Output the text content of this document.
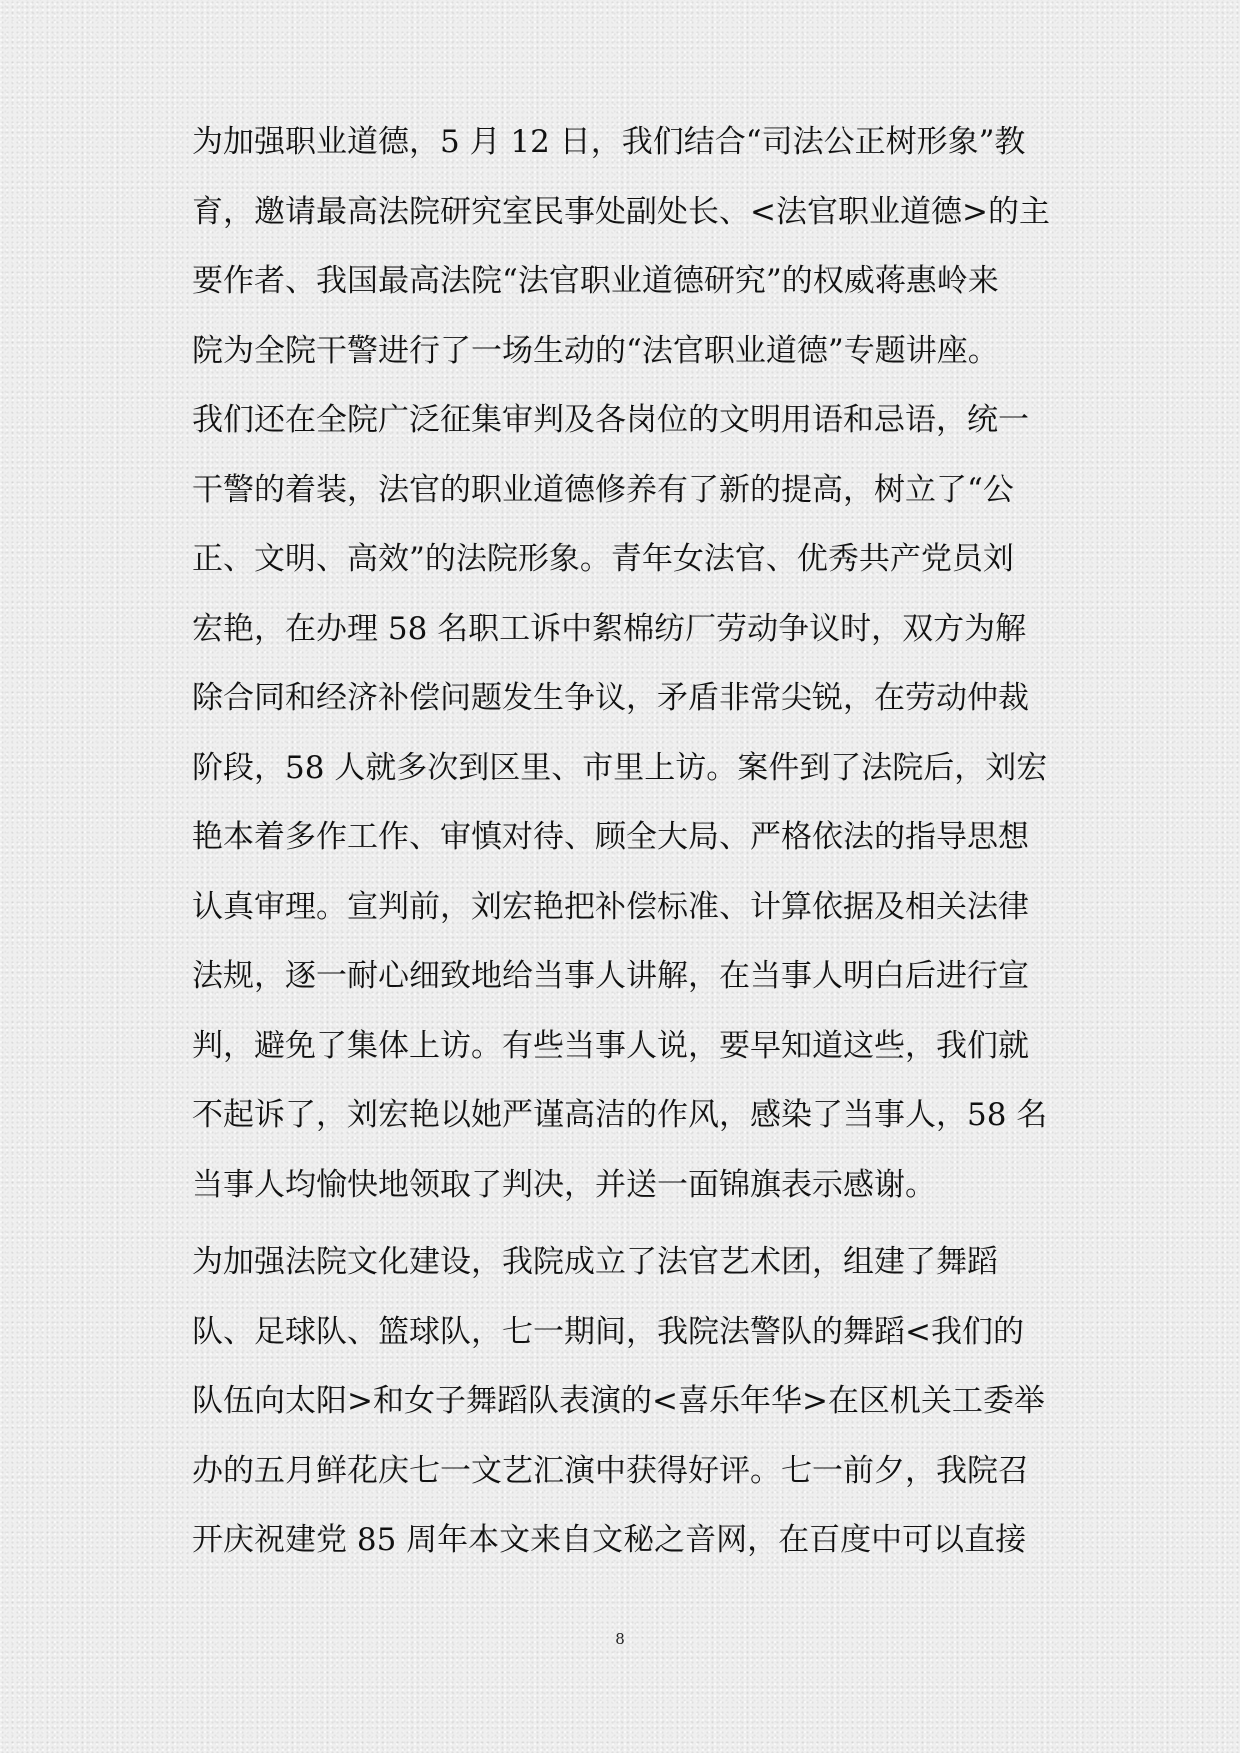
为加强职业道德，5 月 12 日，我们结合“司法公正树形象”教
育，邀请最高法院研究室民事处副处长、<法官职业道德>的主
要作者、我国最高法院“法官职业道德研究”的权威蒋惠岭来
院为全院干警进行了一场生动的“法官职业道德”专题讲座。
我们还在全院广泛征集审判及各岗位的文明用语和忌语，统一
干警的着装，法官的职业道德修养有了新的提高，树立了“公
正、文明、高效”的法院形象。青年女法官、优秀共产党员刘
宏艳，在办理 58 名职工诉中絮棉纺厂劳动争议时，双方为解
除合同和经济补偿问题发生争议，矛盾非常尖锐，在劳动仲裁
阶段，58 人就多次到区里、市里上访。案件到了法院后，刘宏
艳本着多作工作、审慎对待、顾全大局、严格依法的指导思想
认真审理。宣判前，刘宏艳把补偿标准、计算依据及相关法律
法规，逐一耐心细致地给当事人讲解，在当事人明白后进行宣
判，避免了集体上访。有些当事人说，要早知道这些，我们就
不起诉了，刘宏艳以她严谨高洁的作风，感染了当事人，58 名
当事人均愉快地领取了判决，并送一面锦旗表示感谢。
为加强法院文化建设，我院成立了法官艺术团，组建了舞蹈
队、足球队、篮球队，七一期间，我院法警队的舞蹈<我们的
队伍向太阳>和女子舞蹈队表演的<喜乐年华>在区机关工委举
办的五月鲜花庆七一文艺汇演中获得好评。七一前夕，我院召
开庆祝建党 85 周年本文来自文秘之音网，在百度中可以直接
8
